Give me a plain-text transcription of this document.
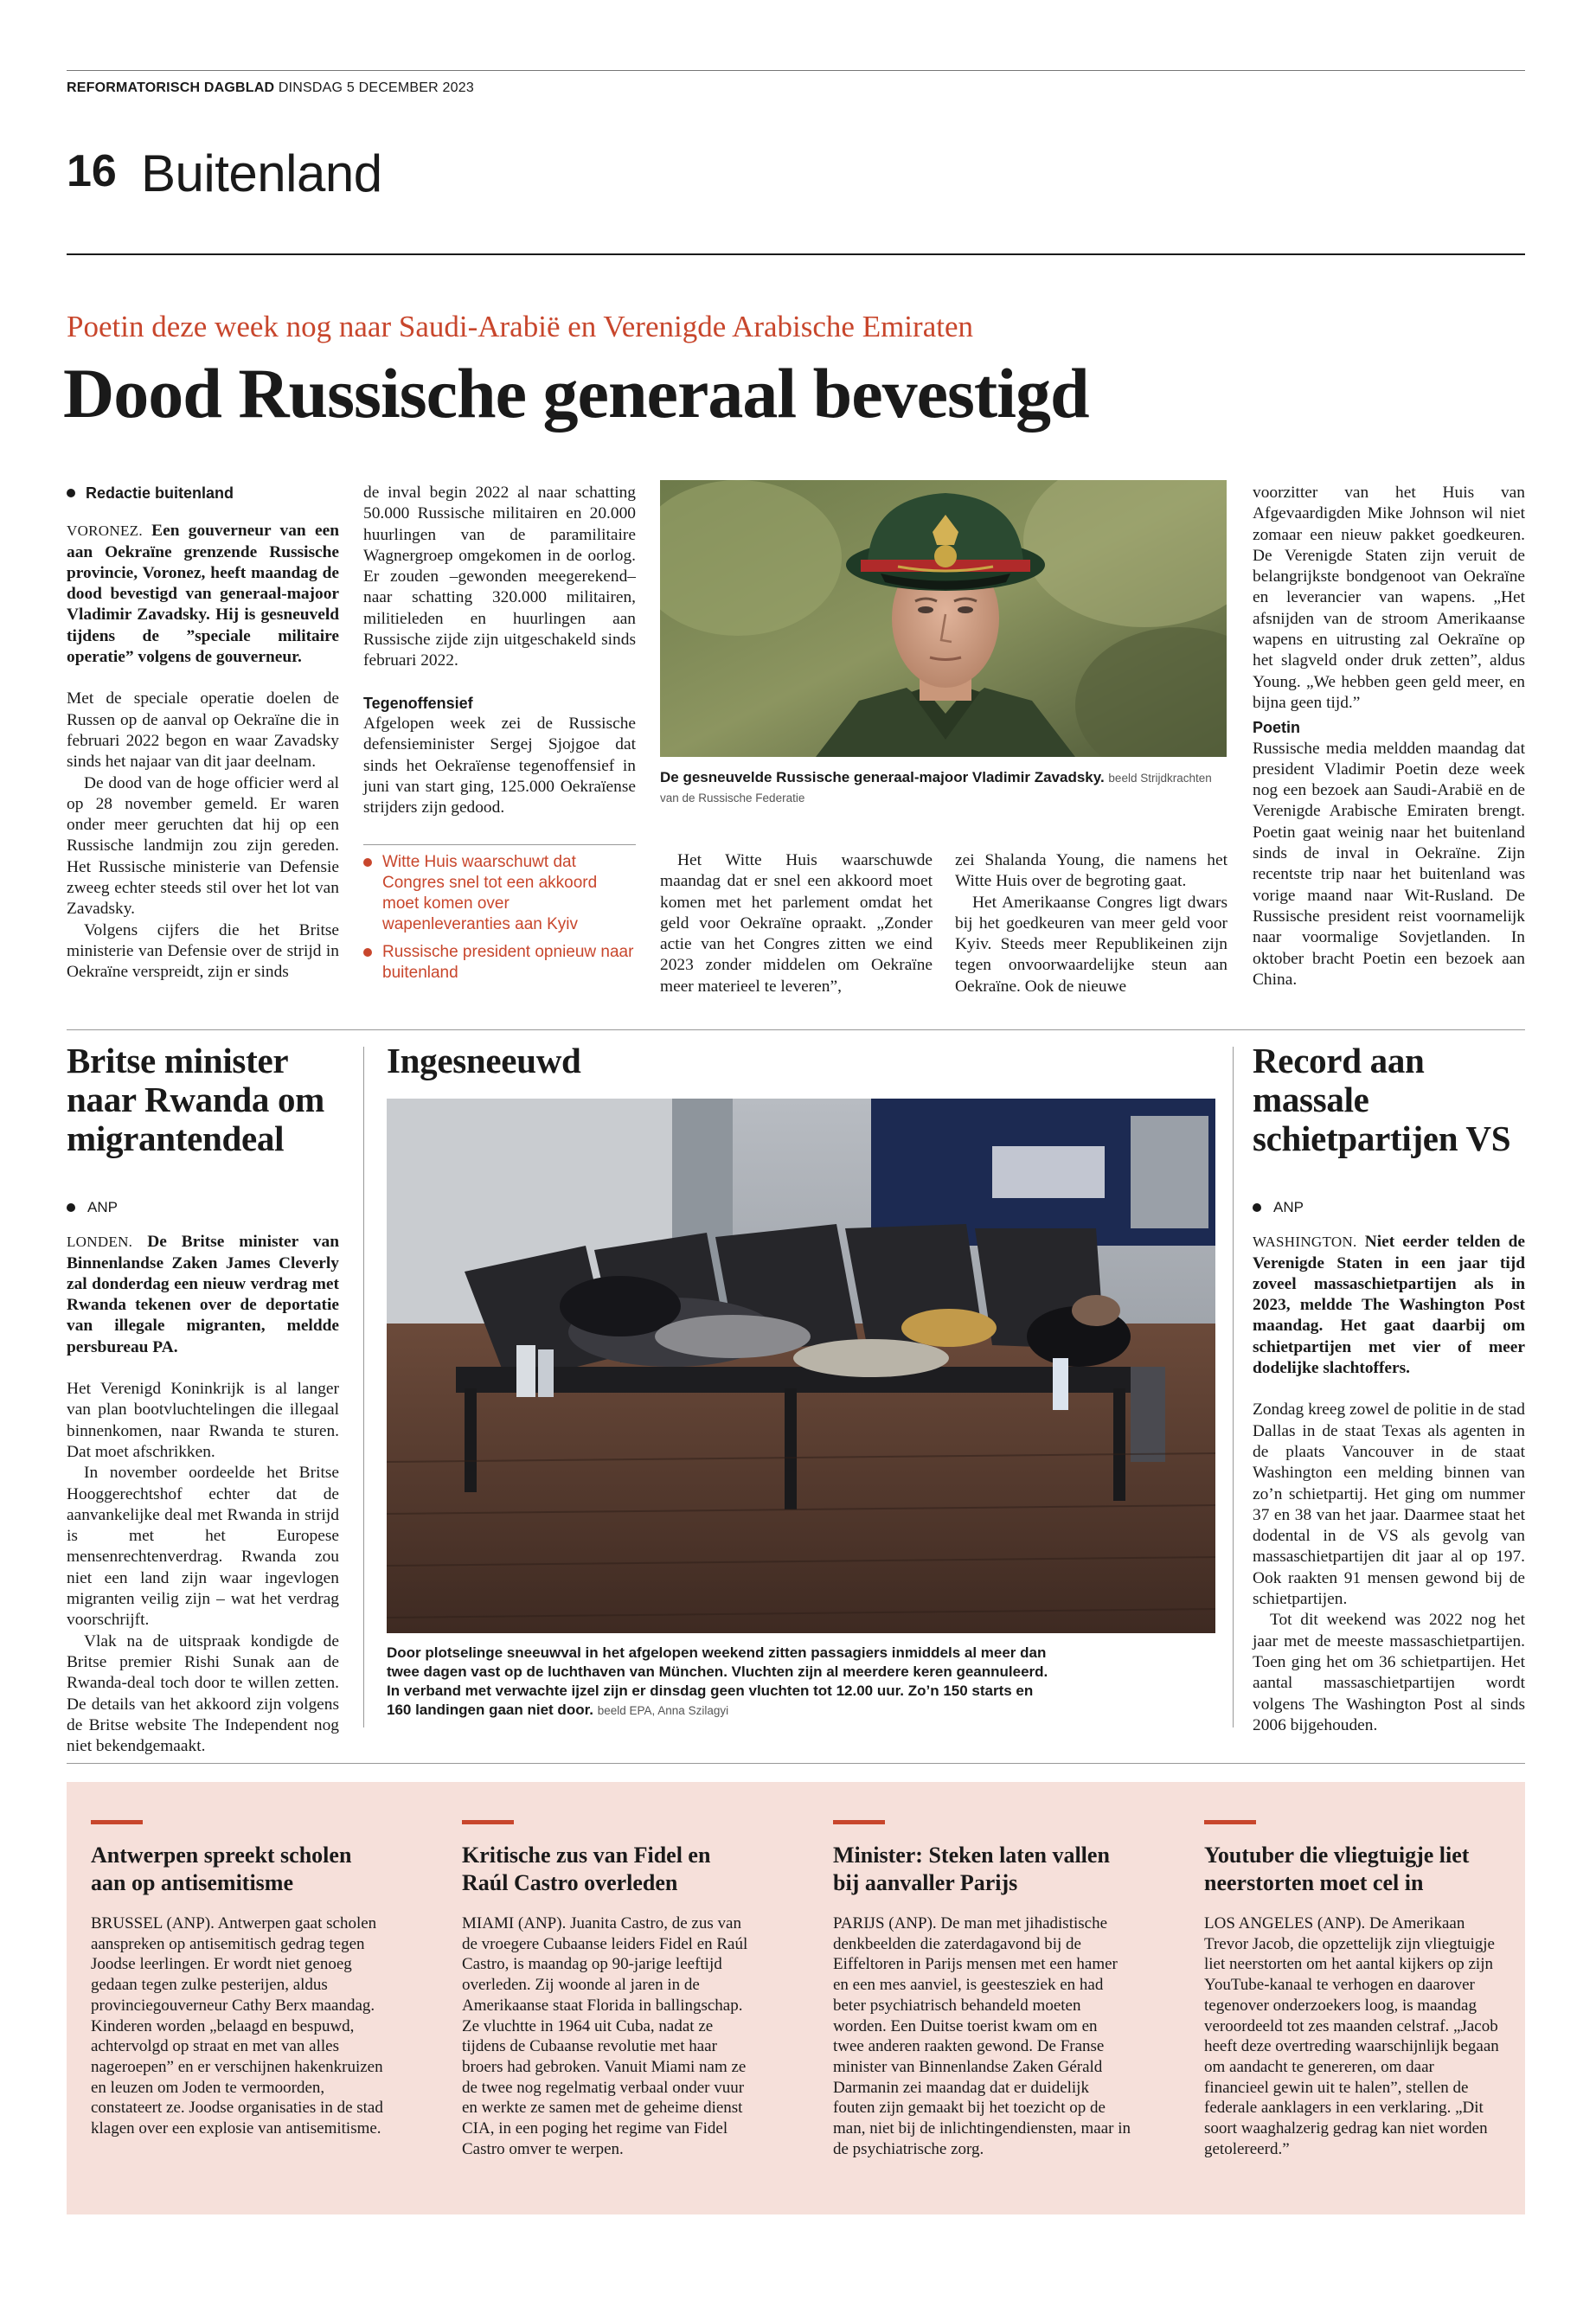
REFORMATORISCH DAGBLAD DINSDAG 5 DECEMBER 2023
16 Buitenland
Poetin deze week nog naar Saudi-Arabië en Verenigde Arabische Emiraten
Dood Russische generaal bevestigd
Redactie buitenland

VORONEZ. Een gouverneur van een aan Oekraïne grenzende Russische provincie, Voronez, heeft maandag de dood bevestigd van generaal-majoor Vladimir Zavadsky. Hij is gesneuveld tijdens de ”speciale militaire operatie” volgens de gouverneur.

Met de speciale operatie doelen de Russen op de aanval op Oekraïne die in februari 2022 begon en waar Zavadsky sinds het najaar van dit jaar deelnam.

De dood van de hoge officier werd al op 28 november gemeld. Er waren onder meer geruchten dat hij op een Russische landmijn zou zijn gereden. Het Russische ministerie van Defensie zweeg echter steeds stil over het lot van Zavadsky.

Volgens cijfers die het Britse ministerie van Defensie over de strijd in Oekraïne verspreidt, zijn er sinds

de inval begin 2022 al naar schatting 50.000 Russische militairen en 20.000 huurlingen van de paramilitaire Wagnergroep omgekomen in de oorlog. Er zouden –gewonden meegerekend– naar schatting 320.000 militairen, militieleden en huurlingen aan Russische zijde zijn uitgeschakeld sinds februari 2022.

Tegenoffensief

Afgelopen week zei de Russische defensieminister Sergej Sjojgoe dat sinds het Oekraïense tegenoffensief in juni van start ging, 125.000 Oekraïense strijders zijn gedood.

Witte Huis waarschuwt dat Congres snel tot een akkoord moet komen over wapenleveranties aan Kyiv
Russische president opnieuw naar buitenland
De gesneuvelde Russische generaal-majoor Vladimir Zavadsky. beeld Strijdkrachten van de Russische Federatie

Het Witte Huis waarschuwde maandag dat er snel een akkoord moet komen met het parlement omdat het geld voor Oekraïne opraakt. „Zonder actie van het Congres zitten we eind 2023 zonder middelen om Oekraïne meer materieel te leveren”,

zei Shalanda Young, die namens het Witte Huis over de begroting gaat.

Het Amerikaanse Congres ligt dwars bij het goedkeuren van meer geld voor Kyiv. Steeds meer Republikeinen zijn tegen onvoorwaardelijke steun aan Oekraïne. Ook de nieuwe

voorzitter van het Huis van Afgevaardigden Mike Johnson wil niet zomaar een nieuw pakket goedkeuren. De Verenigde Staten zijn veruit de belangrijkste bondgenoot van Oekraïne en leverancier van wapens. „Het afsnijden van de stroom Amerikaanse wapens en uitrusting zal Oekraïne op het slagveld onder druk zetten”, aldus Young. „We hebben geen geld meer, en bijna geen tijd.”

Poetin

Russische media meldden maandag dat president Vladimir Poetin deze week nog een bezoek aan Saudi-Arabië en de Verenigde Arabische Emiraten brengt. Poetin gaat weinig naar het buitenland sinds de inval in Oekraïne. Zijn recentste trip naar het buitenland was vorige maand naar Wit-Rusland. De Russische president reist voornamelijk naar voormalige Sovjetlanden. In oktober bracht Poetin een bezoek aan China.

Britse minister naar Rwanda om migrantendeal
ANP

LONDEN. De Britse minister van Binnenlandse Zaken James Cleverly zal donderdag een nieuw verdrag met Rwanda tekenen over de deportatie van illegale migranten, meldde persbureau PA.

Het Verenigd Koninkrijk is al langer van plan bootvluchtelingen die illegaal binnenkomen, naar Rwanda te sturen. Dat moet afschrikken.

In november oordeelde het Britse Hooggerechtshof echter dat de aanvankelijke deal met Rwanda in strijd is met het Europese mensenrechtenverdrag. Rwanda zou niet een land zijn waar ingevlogen migranten veilig zijn – wat het verdrag voorschrijft.

Vlak na de uitspraak kondigde de Britse premier Rishi Sunak aan de Rwanda-deal toch door te willen zetten. De details van het akkoord zijn volgens de Britse website The Independent nog niet bekendgemaakt.

Ingesneeuwd
Door plotselinge sneeuwval in het afgelopen weekend zitten passagiers inmiddels al meer dan twee dagen vast op de luchthaven van München. Vluchten zijn al meerdere keren geannuleerd. In verband met verwachte ijzel zijn er dinsdag geen vluchten tot 12.00 uur. Zo’n 150 starts en 160 landingen gaan niet door. beeld EPA, Anna Szilagyi
Record aan massale schietpartijen VS
ANP

WASHINGTON. Niet eerder telden de Verenigde Staten in een jaar tijd zoveel massaschietpartijen als in 2023, meldde The Washington Post maandag. Het gaat daarbij om schietpartijen met vier of meer dodelijke slachtoffers.

Zondag kreeg zowel de politie in de stad Dallas in de staat Texas als agenten in de plaats Vancouver in de staat Washington een melding binnen van zo’n schietpartij. Het ging om nummer 37 en 38 van het jaar. Daarmee staat het dodental in de VS als gevolg van massaschietpartijen dit jaar al op 197. Ook raakten 91 mensen gewond bij de schietpartijen.

Tot dit weekend was 2022 nog het jaar met de meeste massaschietpartijen. Toen ging het om 36 schietpartijen. Het aantal massaschietpartijen wordt volgens The Washington Post al sinds 2006 bijgehouden.

Antwerpen spreekt scholen aan op antisemitisme

BRUSSEL (ANP). Antwerpen gaat scholen aanspreken op antisemitisch gedrag tegen Joodse leerlingen. Er wordt niet genoeg gedaan tegen zulke pesterijen, aldus provinciegouverneur Cathy Berx maandag. Kinderen worden „belaagd en bespuwd, achtervolgd op straat en met van alles nageroepen” en er verschijnen hakenkruizen en leuzen om Joden te vermoorden, constateert ze. Joodse organisaties in de stad klagen over een explosie van antisemitisme.

Kritische zus van Fidel en Raúl Castro overleden

MIAMI (ANP). Juanita Castro, de zus van de vroegere Cubaanse leiders Fidel en Raúl Castro, is maandag op 90-jarige leeftijd overleden. Zij woonde al jaren in de Amerikaanse staat Florida in ballingschap. Ze vluchtte in 1964 uit Cuba, nadat ze tijdens de Cubaanse revolutie met haar broers had gebroken. Vanuit Miami nam ze de twee nog regelmatig verbaal onder vuur en werkte ze samen met de geheime dienst CIA, in een poging het regime van Fidel Castro omver te werpen.

Minister: Steken laten vallen bij aanvaller Parijs

PARIJS (ANP). De man met jihadistische denkbeelden die zaterdagavond bij de Eiffeltoren in Parijs mensen met een hamer en een mes aanviel, is geestesziek en had beter psychiatrisch behandeld moeten worden. Een Duitse toerist kwam om en twee anderen raakten gewond. De Franse minister van Binnenlandse Zaken Gérald Darmanin zei maandag dat er duidelijk fouten zijn gemaakt bij het toezicht op de man, niet bij de inlichtingendiensten, maar in de psychiatrische zorg.

Youtuber die vliegtuigje liet neerstorten moet cel in

LOS ANGELES (ANP). De Amerikaan Trevor Jacob, die opzettelijk zijn vliegtuigje liet neerstorten om het aantal kijkers op zijn YouTube-kanaal te verhogen en daarover tegenover onderzoekers loog, is maandag veroordeeld tot zes maanden celstraf. „Jacob heeft deze overtreding waarschijnlijk begaan om aandacht te genereren, om daar financieel gewin uit te halen”, stellen de federale aanklagers in een verklaring. „Dit soort waaghalzerig gedrag kan niet worden getolereerd.”
